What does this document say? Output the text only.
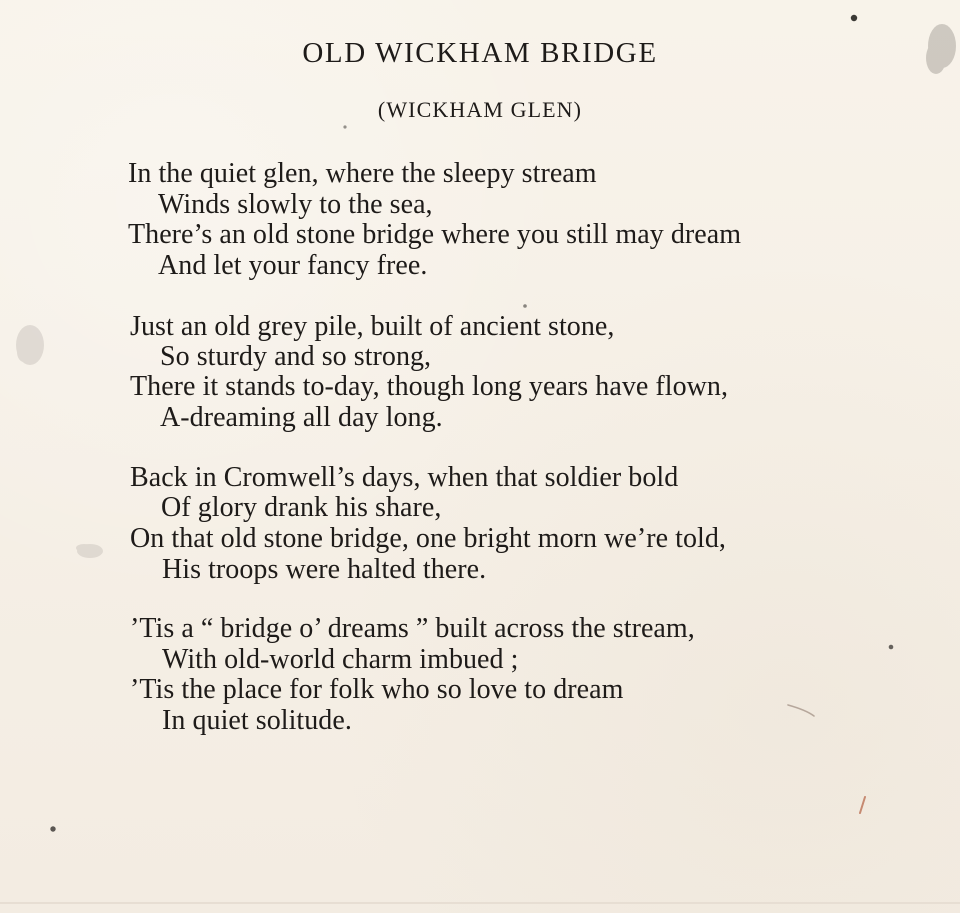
OLD WICKHAM BRIDGE
(WICKHAM GLEN)
In the quiet glen, where the sleepy stream
Winds slowly to the sea,
There’s an old stone bridge where you still may dream
And let your fancy free.
Just an old grey pile, built of ancient stone,
So sturdy and so strong,
There it stands to-day, though long years have flown,
A-dreaming all day long.
Back in Cromwell’s days, when that soldier bold
Of glory drank his share,
On that old stone bridge, one bright morn we’re told,
His troops were halted there.
’Tis a “ bridge o’ dreams ” built across the stream,
With old-world charm imbued ;
’Tis the place for folk who so love to dream
In quiet solitude.
